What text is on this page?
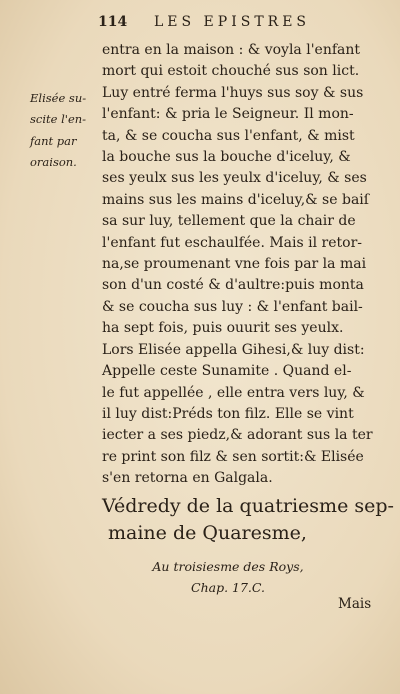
114 LES EPISTRES
Elisée su-
scite l'en-
fant par
oraison.
entra en la maison : & voyla l'enfant
mort qui estoit chouché sus son lict.
Luy entré ferma l'huys sus soy & sus
l'enfant: & pria le Seigneur. Il mon-
ta, & se coucha sus l'enfant, & mist
la bouche sus la bouche d'iceluy, &
ses yeulx sus les yeulx d'iceluy, & ses
mains sus les mains d'iceluy,& se baiſ
sa sur luy, tellement que la chair de
l'enfant fut eschaulfée. Mais il retor-
na,se proumenant vne fois par la mai
son d'un costé & d'aultre:puis monta
& se coucha sus luy : & l'enfant bail-
ha sept fois, puis ouurit ses yeulx.
Lors Elisée appella Gihesi,& luy dist:
Appelle ceste Sunamite . Quand el-
le fut appellée , elle entra vers luy, &
il luy dist:Préds ton filz. Elle se vint
iecter a ses piedz,& adorant sus la ter
re print son filz & sen sortit:& Elisée
s'en retorna en Galgala.
Védredy de la quatriesme sep-
maine de Quaresme,
Au troisiesme des Roys,
Chap. 17.C.
Mais
